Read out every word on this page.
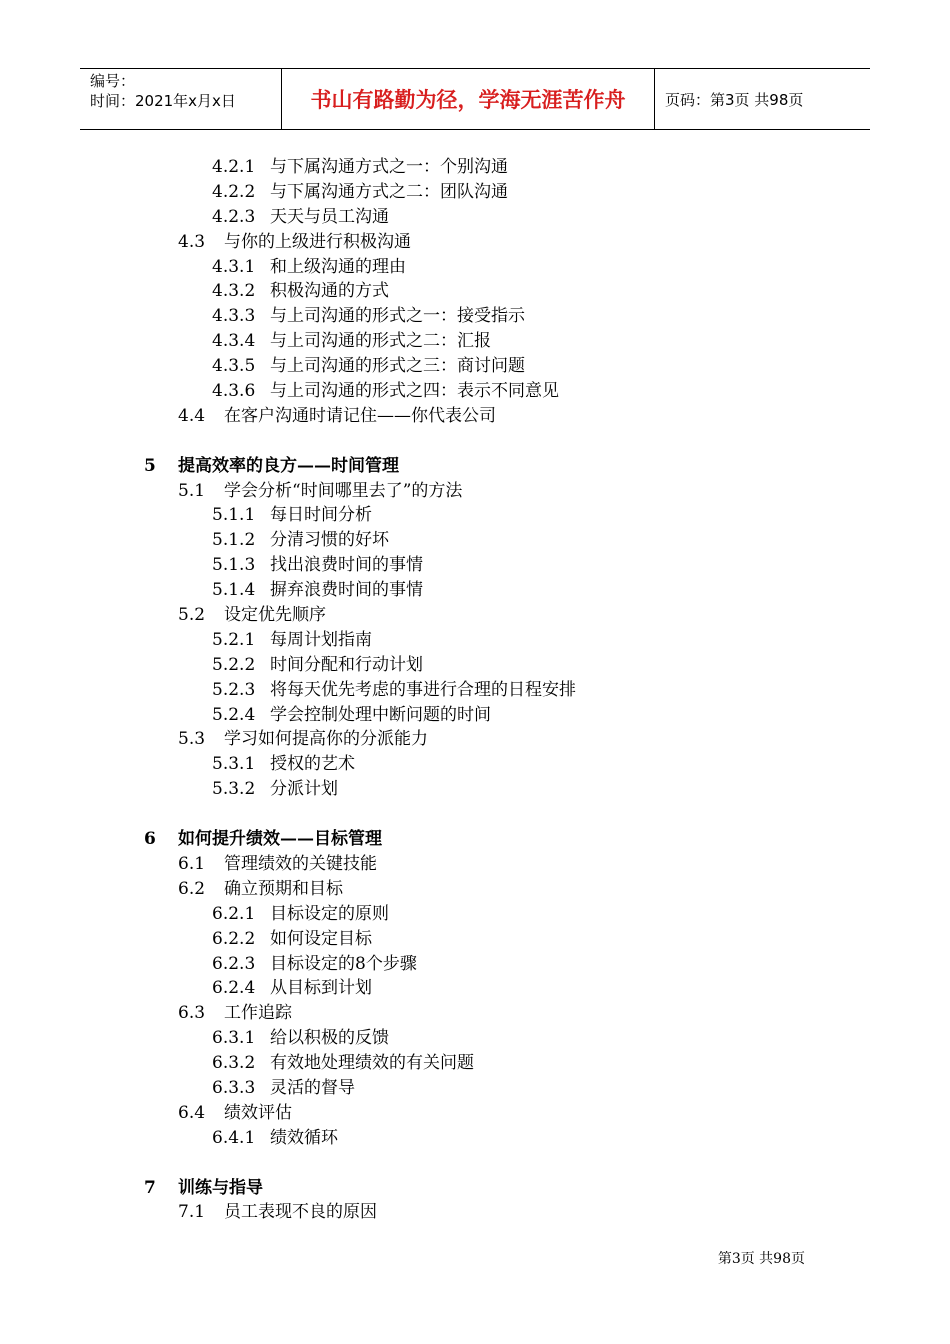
编号：
时间：2021年x月x日	书山有路勤为径，学海无涯苦作舟	页码：第3页 共98页
4.2.1 与下属沟通方式之一：个别沟通
4.2.2 与下属沟通方式之二：团队沟通
4.2.3 天天与员工沟通
4.3 与你的上级进行积极沟通
4.3.1 和上级沟通的理由
4.3.2 积极沟通的方式
4.3.3 与上司沟通的形式之一：接受指示
4.3.4 与上司沟通的形式之二：汇报
4.3.5 与上司沟通的形式之三：商讨问题
4.3.6 与上司沟通的形式之四：表示不同意见
4.4 在客户沟通时请记住——你代表公司
5 提高效率的良方——时间管理
5.1 学会分析“时间哪里去了”的方法
5.1.1 每日时间分析
5.1.2 分清习惯的好坏
5.1.3 找出浪费时间的事情
5.1.4 摒弃浪费时间的事情
5.2 设定优先顺序
5.2.1 每周计划指南
5.2.2 时间分配和行动计划
5.2.3 将每天优先考虑的事进行合理的日程安排
5.2.4 学会控制处理中断问题的时间
5.3 学习如何提高你的分派能力
5.3.1 授权的艺术
5.3.2 分派计划
6 如何提升绩效——目标管理
6.1 管理绩效的关键技能
6.2 确立预期和目标
6.2.1 目标设定的原则
6.2.2 如何设定目标
6.2.3 目标设定的8个步骤
6.2.4 从目标到计划
6.3 工作追踪
6.3.1 给以积极的反馈
6.3.2 有效地处理绩效的有关问题
6.3.3 灵活的督导
6.4 绩效评估
6.4.1 绩效循环
7 训练与指导
7.1 员工表现不良的原因
第3页 共98页
